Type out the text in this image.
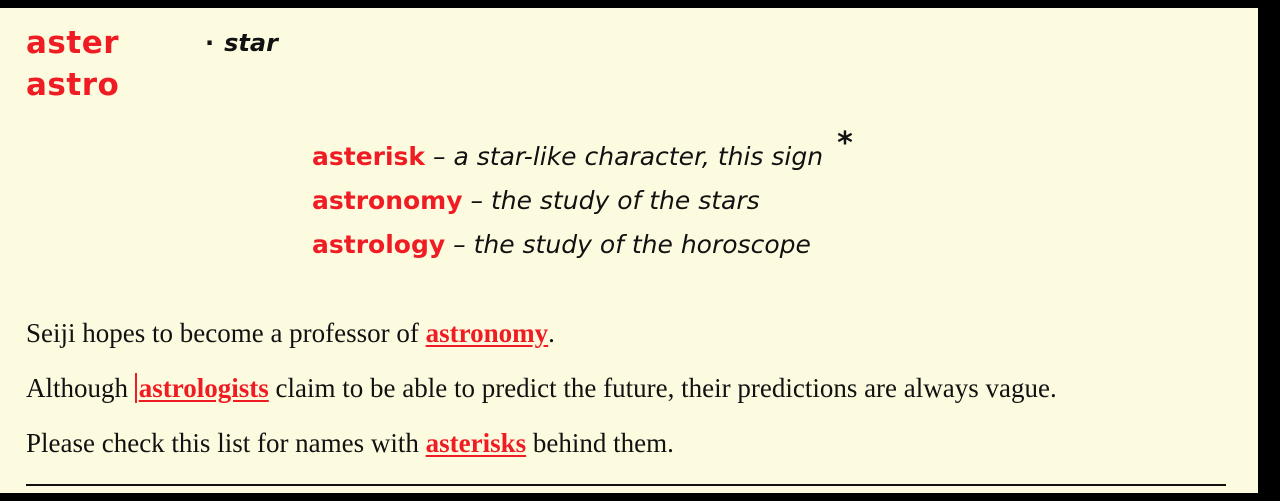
aster	· star
astro
asterisk – a star-like character, this sign *
astronomy – the study of the stars
astrology – the study of the horoscope
Seiji hopes to become a professor of astronomy.
Although astrologists claim to be able to predict the future, their predictions are always vague.
Please check this list for names with asterisks behind them.
